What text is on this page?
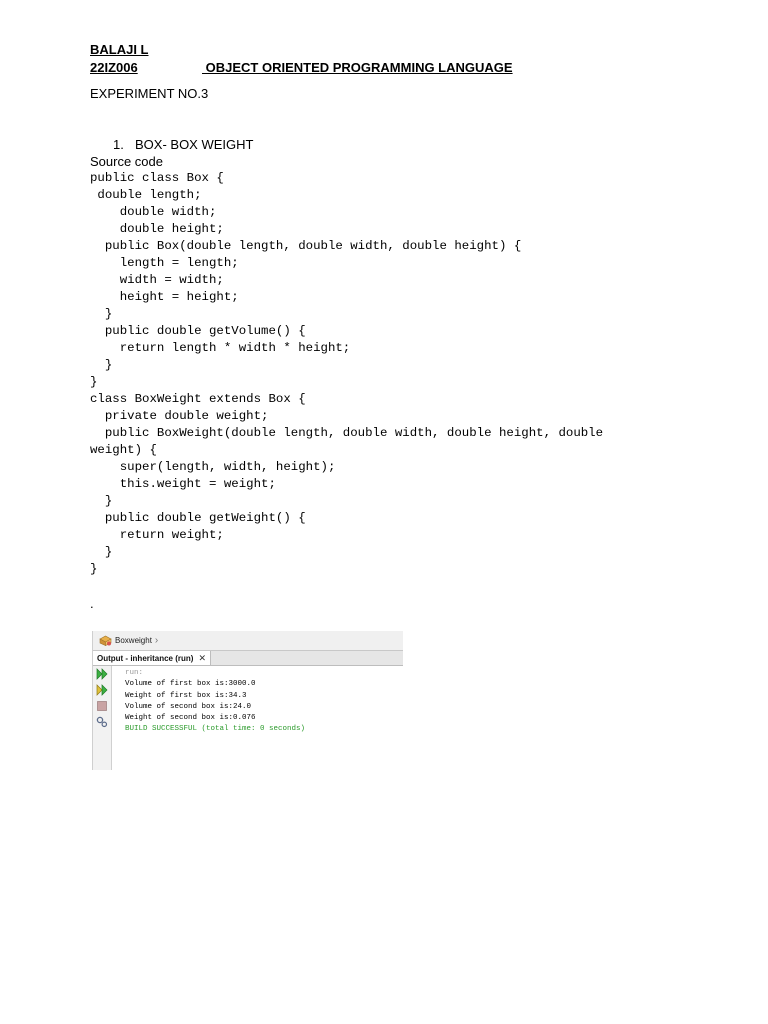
BALAJI L
22IZ006	OBJECT ORIENTED PROGRAMMING LANGUAGE
EXPERIMENT NO.3
1. BOX- BOX WEIGHT
Source code
public class Box {
double length;
double width;
double height;
public Box(double length, double width, double height) {
length = length;
width = width;
height = height;
}
public double getVolume() {
return length * width * height;
}
}
class BoxWeight extends Box {
private double weight;
public BoxWeight(double length, double width, double height, double
weight) {
super(length, width, height);
this.weight = weight;
}
public double getWeight() {
return weight;
}
}
.
Boxweight ›
Output - inheritance (run) ✕
run:
Volume of first box is:3000.0
Weight of first box is:34.3
Volume of second box is:24.0
Weight of second box is:0.076
BUILD SUCCESSFUL (total time: 0 seconds)
